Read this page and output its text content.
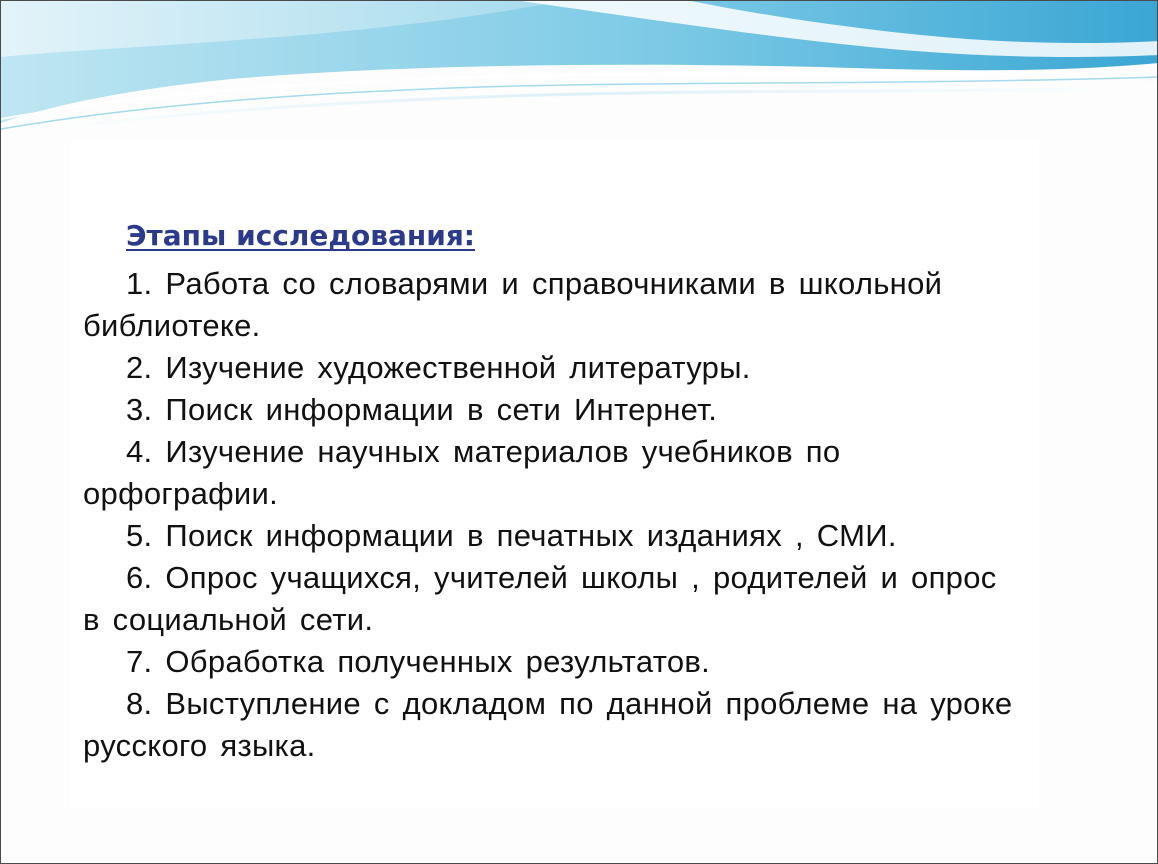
Этапы исследования:

1. Работа со словарями и справочниками в школьной библиотеке.

2. Изучение художественной литературы.

3. Поиск информации в сети Интернет.

4. Изучение научных материалов учебников по орфографии.

5. Поиск информации в печатных изданиях , СМИ.

6. Опрос учащихся, учителей школы , родителей и опрос в социальной сети.

7. Обработка полученных результатов.

8. Выступление с докладом по данной проблеме на уроке русского языка.
